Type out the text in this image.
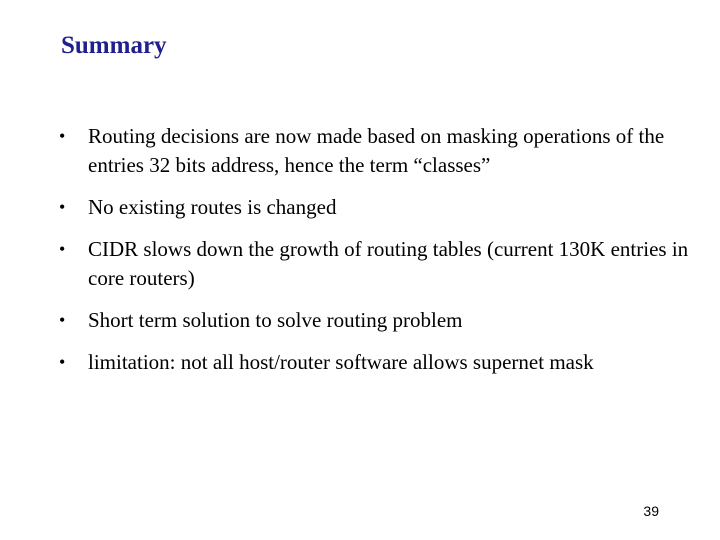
Summary
• Routing decisions are now made based on masking operations of the entries 32 bits address, hence the term “classes”
• No existing routes is changed
• CIDR slows down the growth of routing tables (current 130K entries in core routers)
• Short term solution to solve routing problem
• limitation: not all host/router software allows supernet mask
39
